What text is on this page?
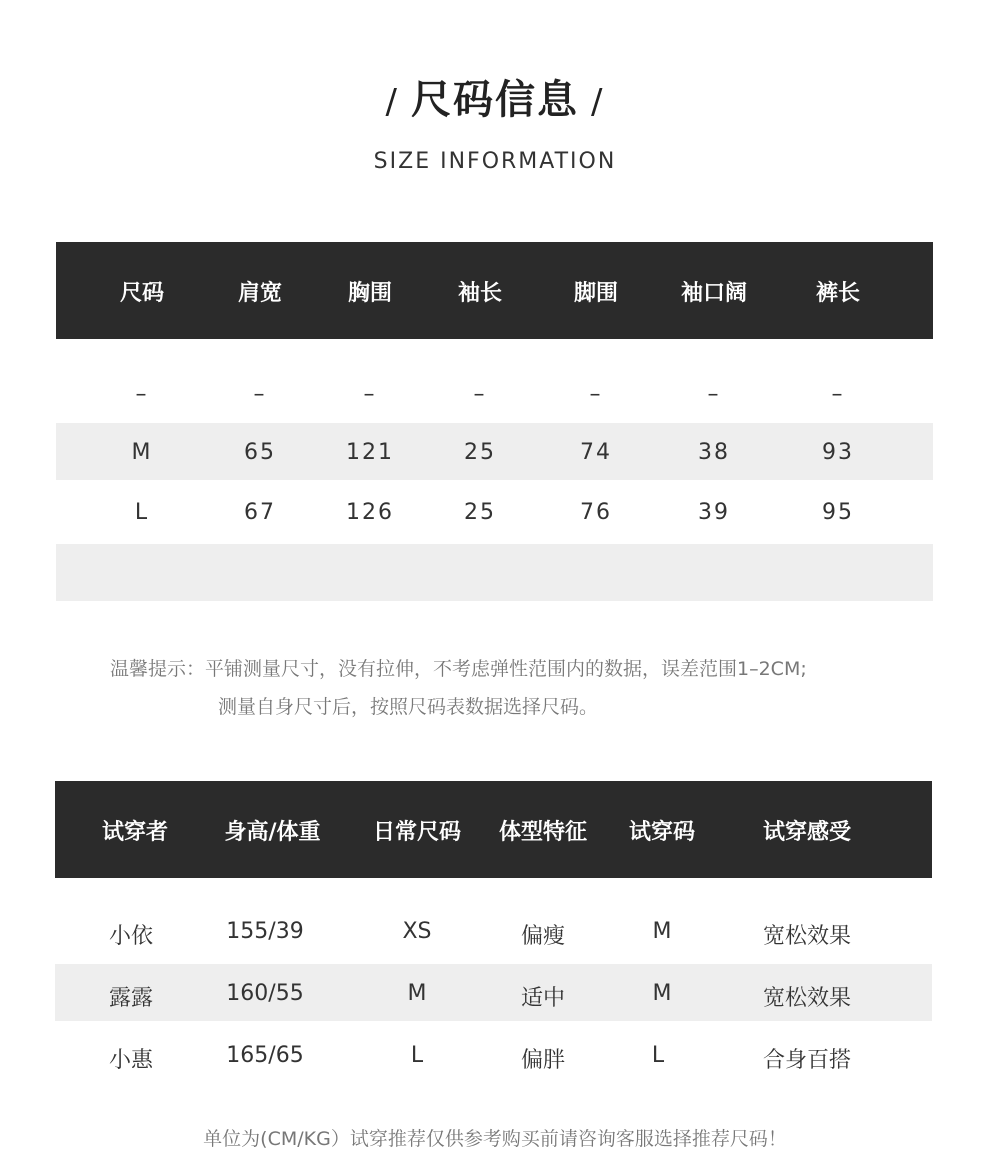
/ 尺码信息 /
SIZE INFORMATION
尺码	肩宽	胸围	袖长	脚围	袖口阔	裤长
–	–	–	–	–	–	–
M	65	121	25	74	38	93
L	67	126	25	76	39	95
温馨提示：平铺测量尺寸，没有拉伸，不考虑弹性范围内的数据，误差范围1–2CM;
测量自身尺寸后，按照尺码表数据选择尺码。
试穿者	身高/体重	日常尺码	体型特征	试穿码	试穿感受
小依	155/39	XS	偏瘦	M	宽松效果
露露	160/55	M	适中	M	宽松效果
小惠	165/65	L	偏胖	L	合身百搭
单位为(CM/KG）试穿推荐仅供参考购买前请咨询客服选择推荐尺码！
